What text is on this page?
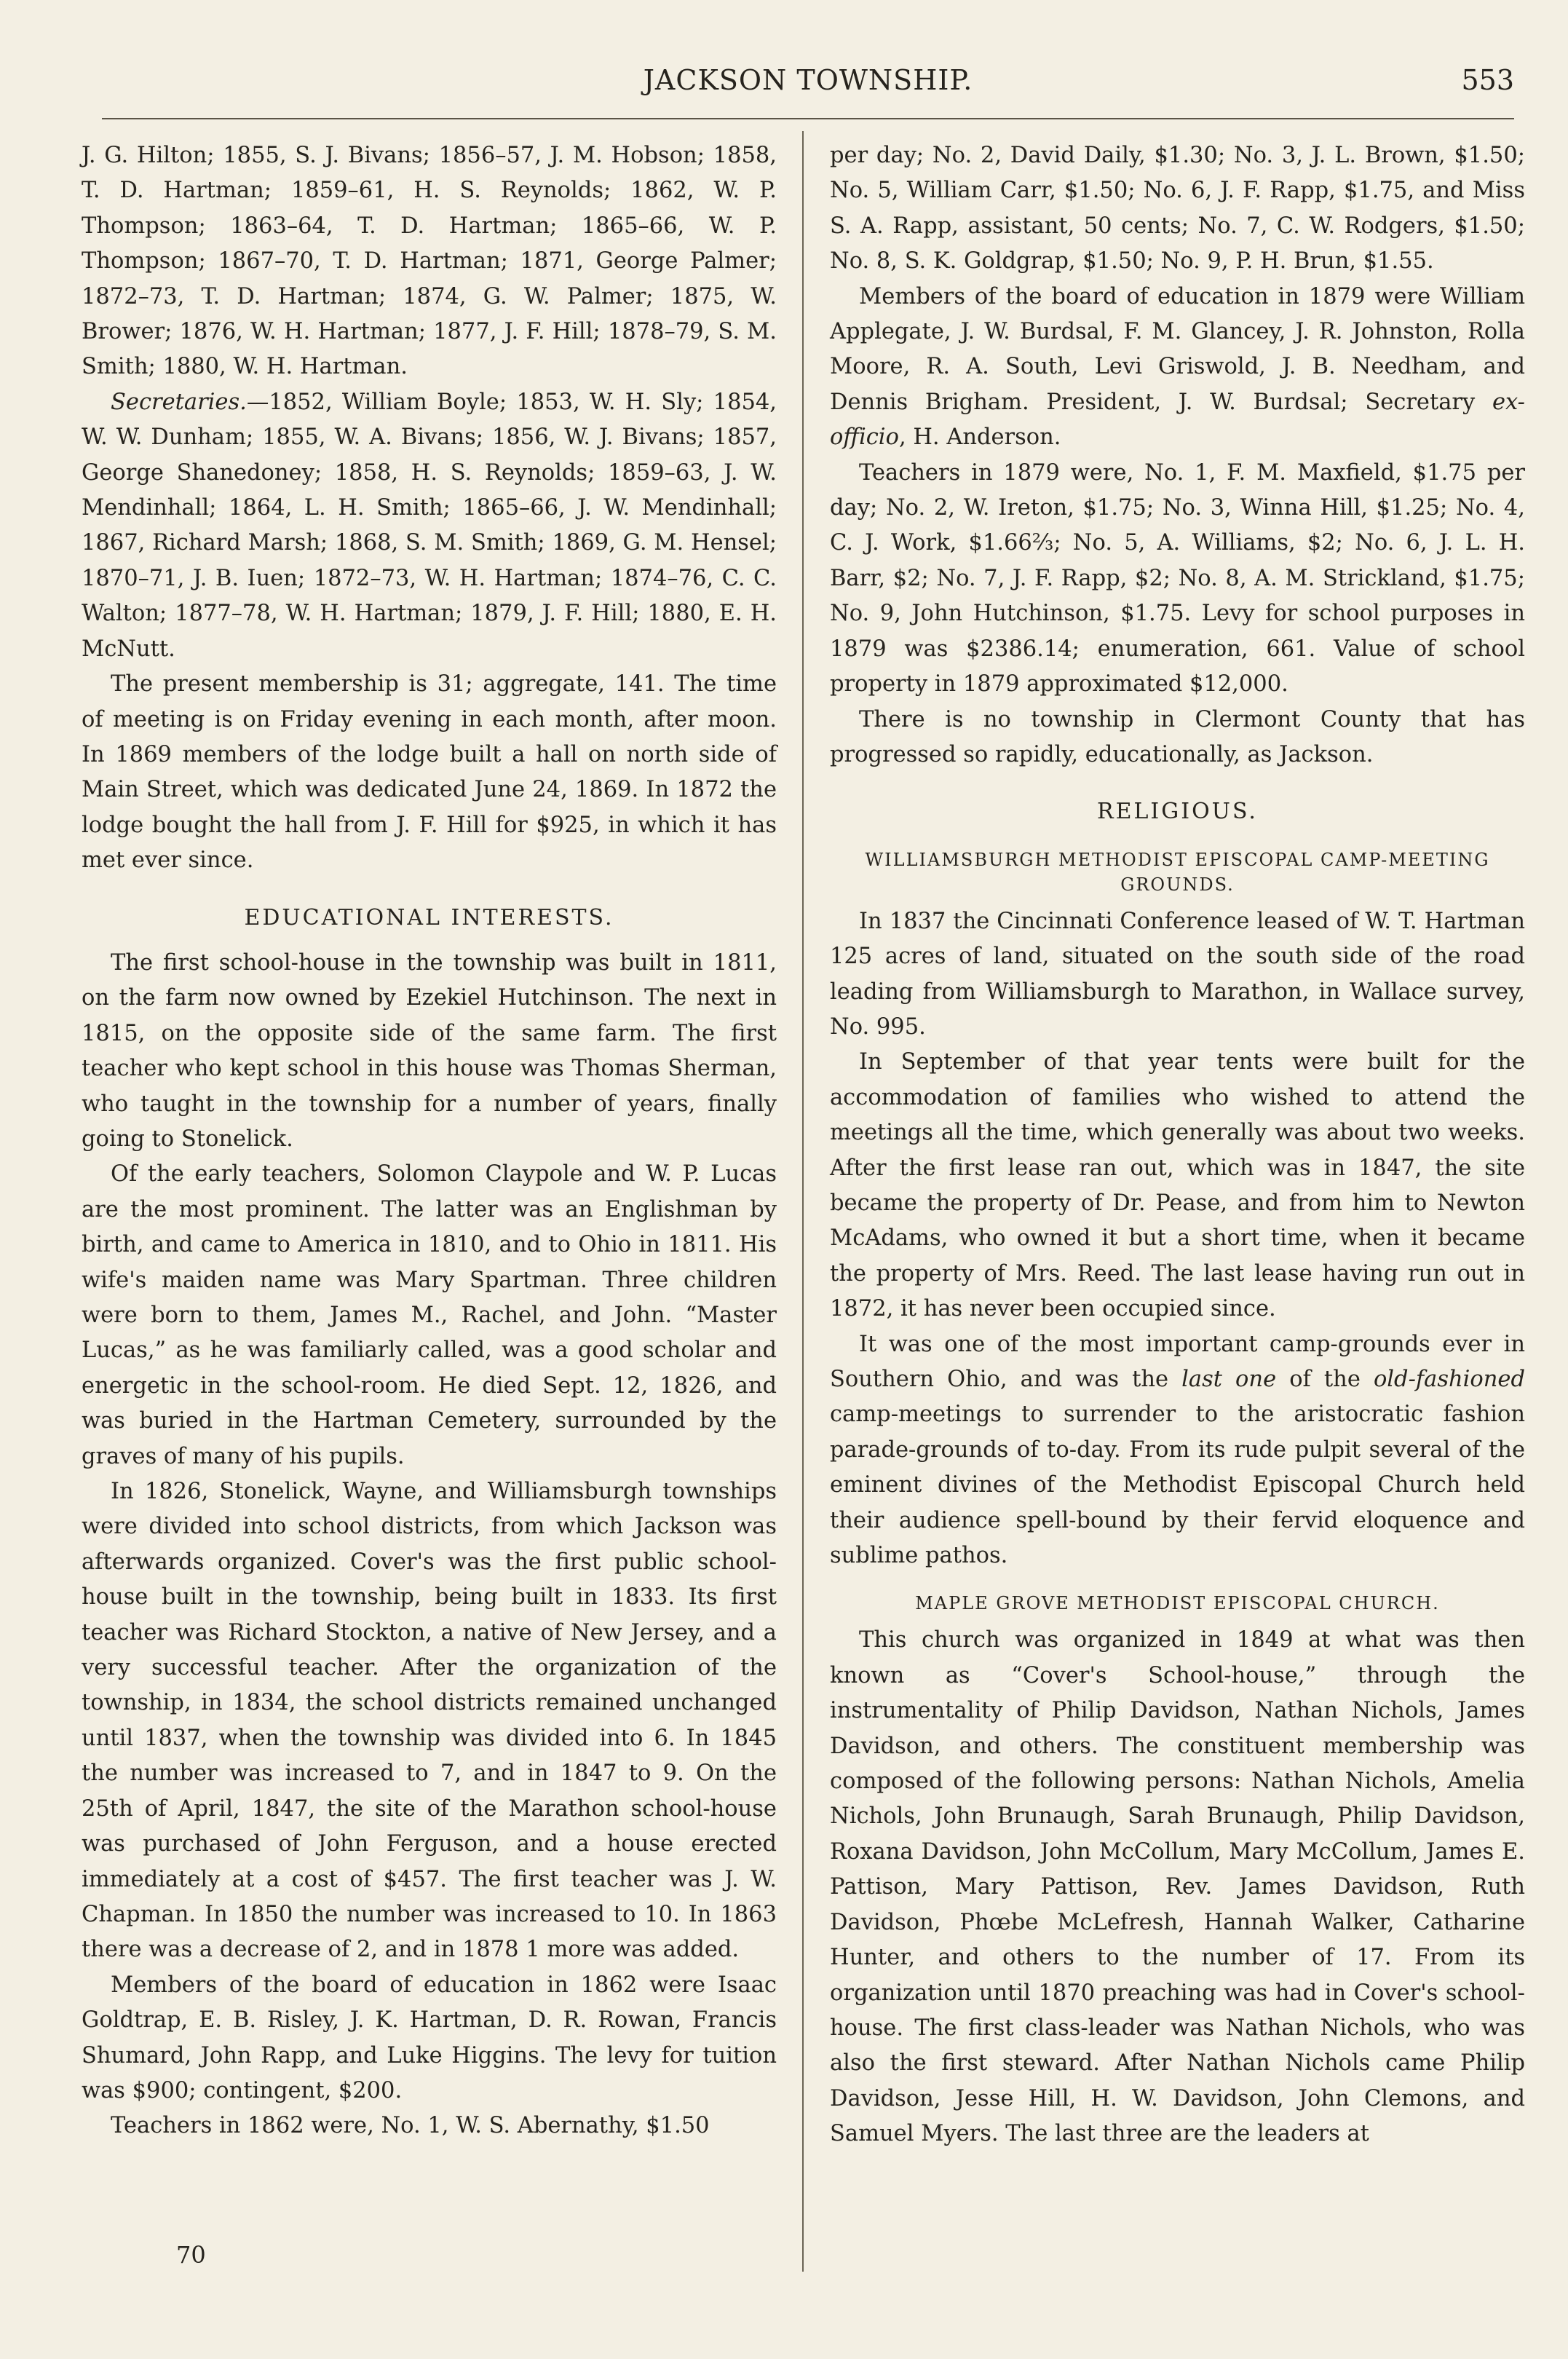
JACKSON TOWNSHIP.	553

J. G. Hilton; 1855, S. J. Bivans; 1856–57, J. M. Hobson; 1858, T. D. Hartman; 1859–61, H. S. Reynolds; 1862, W. P. Thompson; 1863–64, T. D. Hartman; 1865–66, W. P. Thompson; 1867–70, T. D. Hartman; 1871, George Palmer; 1872–73, T. D. Hartman; 1874, G. W. Palmer; 1875, W. Brower; 1876, W. H. Hartman; 1877, J. F. Hill; 1878–79, S. M. Smith; 1880, W. H. Hartman.

Secretaries.—1852, William Boyle; 1853, W. H. Sly; 1854, W. W. Dunham; 1855, W. A. Bivans; 1856, W. J. Bivans; 1857, George Shanedoney; 1858, H. S. Reynolds; 1859–63, J. W. Mendinhall; 1864, L. H. Smith; 1865–66, J. W. Mendinhall; 1867, Richard Marsh; 1868, S. M. Smith; 1869, G. M. Hensel; 1870–71, J. B. Iuen; 1872–73, W. H. Hartman; 1874–76, C. C. Walton; 1877–78, W. H. Hartman; 1879, J. F. Hill; 1880, E. H. McNutt.

The present membership is 31; aggregate, 141. The time of meeting is on Friday evening in each month, after moon. In 1869 members of the lodge built a hall on north side of Main Street, which was dedicated June 24, 1869. In 1872 the lodge bought the hall from J. F. Hill for $925, in which it has met ever since.

EDUCATIONAL INTERESTS.

The first school-house in the township was built in 1811, on the farm now owned by Ezekiel Hutchinson. The next in 1815, on the opposite side of the same farm. The first teacher who kept school in this house was Thomas Sherman, who taught in the township for a number of years, finally going to Stonelick.

Of the early teachers, Solomon Claypole and W. P. Lucas are the most prominent. The latter was an Englishman by birth, and came to America in 1810, and to Ohio in 1811. His wife's maiden name was Mary Spartman. Three children were born to them, James M., Rachel, and John. “Master Lucas,” as he was familiarly called, was a good scholar and energetic in the school-room. He died Sept. 12, 1826, and was buried in the Hartman Cemetery, surrounded by the graves of many of his pupils.

In 1826, Stonelick, Wayne, and Williamsburgh townships were divided into school districts, from which Jackson was afterwards organized. Cover's was the first public school-house built in the township, being built in 1833. Its first teacher was Richard Stockton, a native of New Jersey, and a very successful teacher. After the organization of the township, in 1834, the school districts remained unchanged until 1837, when the township was divided into 6. In 1845 the number was increased to 7, and in 1847 to 9. On the 25th of April, 1847, the site of the Marathon school-house was purchased of John Ferguson, and a house erected immediately at a cost of $457. The first teacher was J. W. Chapman. In 1850 the number was increased to 10. In 1863 there was a decrease of 2, and in 1878 1 more was added.

Members of the board of education in 1862 were Isaac Goldtrap, E. B. Risley, J. K. Hartman, D. R. Rowan, Francis Shumard, John Rapp, and Luke Higgins. The levy for tuition was $900; contingent, $200.

Teachers in 1862 were, No. 1, W. S. Abernathy, $1.50

per day; No. 2, David Daily, $1.30; No. 3, J. L. Brown, $1.50; No. 5, William Carr, $1.50; No. 6, J. F. Rapp, $1.75, and Miss S. A. Rapp, assistant, 50 cents; No. 7, C. W. Rodgers, $1.50; No. 8, S. K. Goldgrap, $1.50; No. 9, P. H. Brun, $1.55.

Members of the board of education in 1879 were William Applegate, J. W. Burdsal, F. M. Glancey, J. R. Johnston, Rolla Moore, R. A. South, Levi Griswold, J. B. Needham, and Dennis Brigham. President, J. W. Burdsal; Secretary ex-officio, H. Anderson.

Teachers in 1879 were, No. 1, F. M. Maxfield, $1.75 per day; No. 2, W. Ireton, $1.75; No. 3, Winna Hill, $1.25; No. 4, C. J. Work, $1.66⅔; No. 5, A. Williams, $2; No. 6, J. L. H. Barr, $2; No. 7, J. F. Rapp, $2; No. 8, A. M. Strickland, $1.75; No. 9, John Hutchinson, $1.75. Levy for school purposes in 1879 was $2386.14; enumeration, 661. Value of school property in 1879 approximated $12,000.

There is no township in Clermont County that has progressed so rapidly, educationally, as Jackson.

RELIGIOUS.
WILLIAMSBURGH METHODIST EPISCOPAL CAMP-MEETING GROUNDS.

In 1837 the Cincinnati Conference leased of W. T. Hartman 125 acres of land, situated on the south side of the road leading from Williamsburgh to Marathon, in Wallace survey, No. 995.

In September of that year tents were built for the accommodation of families who wished to attend the meetings all the time, which generally was about two weeks. After the first lease ran out, which was in 1847, the site became the property of Dr. Pease, and from him to Newton McAdams, who owned it but a short time, when it became the property of Mrs. Reed. The last lease having run out in 1872, it has never been occupied since.

It was one of the most important camp-grounds ever in Southern Ohio, and was the last one of the old-fashioned camp-meetings to surrender to the aristocratic fashion parade-grounds of to-day. From its rude pulpit several of the eminent divines of the Methodist Episcopal Church held their audience spell-bound by their fervid eloquence and sublime pathos.

MAPLE GROVE METHODIST EPISCOPAL CHURCH.

This church was organized in 1849 at what was then known as “Cover's School-house,” through the instrumentality of Philip Davidson, Nathan Nichols, James Davidson, and others. The constituent membership was composed of the following persons: Nathan Nichols, Amelia Nichols, John Brunaugh, Sarah Brunaugh, Philip Davidson, Roxana Davidson, John McCollum, Mary McCollum, James E. Pattison, Mary Pattison, Rev. James Davidson, Ruth Davidson, Phœbe McLefresh, Hannah Walker, Catharine Hunter, and others to the number of 17. From its organization until 1870 preaching was had in Cover's school-house. The first class-leader was Nathan Nichols, who was also the first steward. After Nathan Nichols came Philip Davidson, Jesse Hill, H. W. Davidson, John Clemons, and Samuel Myers. The last three are the leaders at

70
